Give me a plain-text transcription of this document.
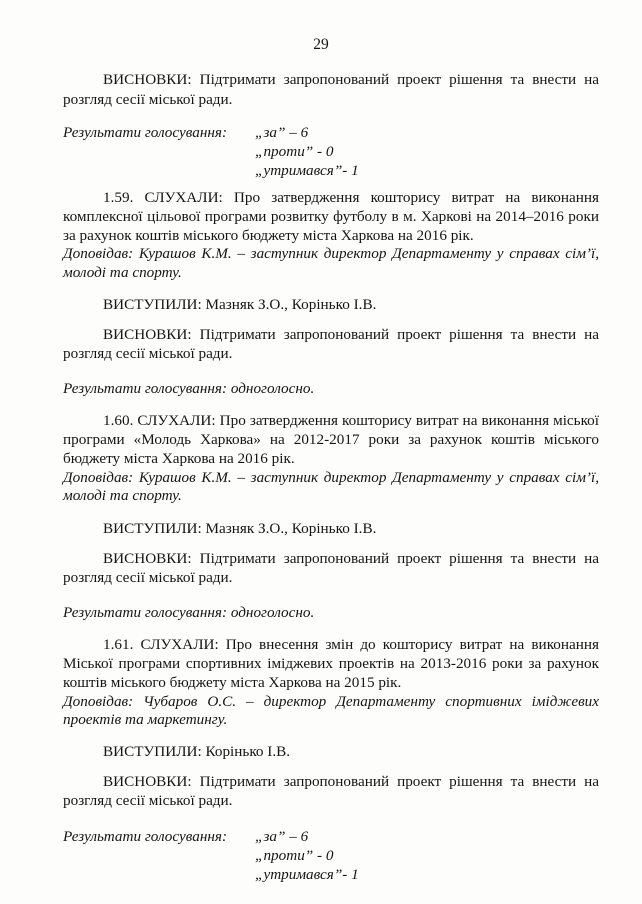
29

ВИСНОВКИ: Підтримати запропонований проект рішення та внести на

розгляд сесії міської ради.

Результати голосування: „за” – 6

„проти” - 0

„утримався”- 1

1.59. СЛУХАЛИ: Про затвердження кошторису витрат на виконання

комплексної цільової програми розвитку футболу в м. Харкові на 2014–2016 роки

за рахунок коштів міського бюджету міста Харкова на 2016 рік.

Доповідав: Курашов К.М. – заступник директор Департаменту у справах сім’ї,

молоді та спорту.

ВИСТУПИЛИ: Мазняк З.О., Корінько І.В.

ВИСНОВКИ: Підтримати запропонований проект рішення та внести на

розгляд сесії міської ради.

Результати голосування: одноголосно.

1.60. СЛУХАЛИ: Про затвердження кошторису витрат на виконання міської

програми «Молодь Харкова» на 2012-2017 роки за рахунок коштів міського

бюджету міста Харкова на 2016 рік.

Доповідав: Курашов К.М. – заступник директор Департаменту у справах сім’ї,

молоді та спорту.

ВИСТУПИЛИ: Мазняк З.О., Корінько І.В.

ВИСНОВКИ: Підтримати запропонований проект рішення та внести на

розгляд сесії міської ради.

Результати голосування: одноголосно.

1.61. СЛУХАЛИ: Про внесення змін до кошторису витрат на виконання

Міської програми спортивних іміджевих проектів на 2013-2016 роки за рахунок

коштів міського бюджету міста Харкова на 2015 рік.

Доповідав: Чубаров О.С. – директор Департаменту спортивних іміджевих

проектів та маркетингу.

ВИСТУПИЛИ: Корінько І.В.

ВИСНОВКИ: Підтримати запропонований проект рішення та внести на

розгляд сесії міської ради.

Результати голосування: „за” – 6

„проти” - 0

„утримався”- 1
